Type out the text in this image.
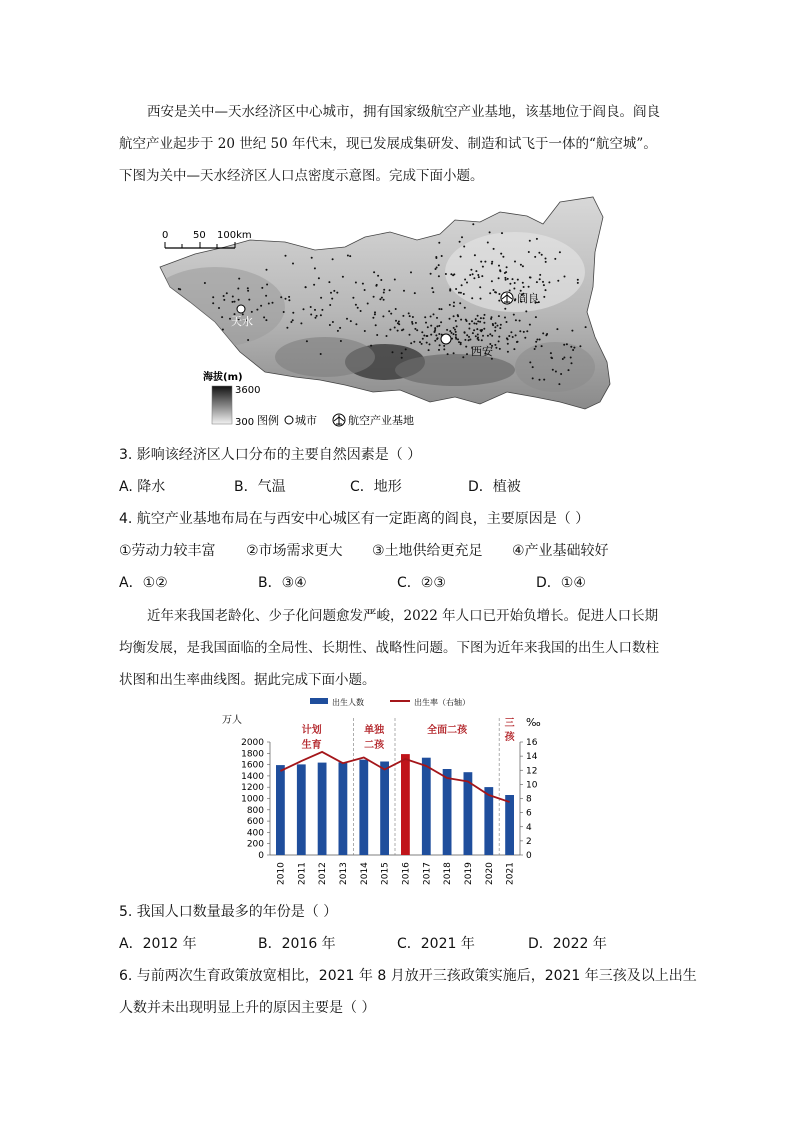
西安是关中—天水经济区中心城市，拥有国家级航空产业基地，该基地位于阎良。阎良
航空产业起步于 20 世纪 50 年代末，现已发展成集研发、制造和试飞于一体的“航空城”。
下图为关中—天水经济区人口点密度示意图。完成下面小题。
0 50 100km
天水
西安
阎良
海拔(m)
3600
300 图例 城市	航空产业基地
3. 影响该经济区人口分布的主要自然因素是（ ）
A. 降水	B．气温	C．地形	D．植被
4. 航空产业基地布局在与西安中心城区有一定距离的阎良，主要原因是（ ）
①劳动力较丰富 ②市场需求更大 ③土地供给更充足 ④产业基础较好
A．①②	B．③④	C．②③	D．①④
近年来我国老龄化、少子化问题愈发严峻，2022 年人口已开始负增长。促进人口长期
均衡发展，是我国面临的全局性、长期性、战略性问题。下图为近年来我国的出生人口数柱
状图和出生率曲线图。据此完成下面小题。
出生人数	出生率（右轴）
万人	‰
0
200
400
600
800
1000
1200
1400
1600
1800
2000
0
2
4
6
8
10
12
14
16
计划
生育
单独
二孩
全面二孩
三
孩
2010 2011 2012 2013 2014 2015 2016 2017 2018 2019 2020 2021
5. 我国人口数量最多的年份是（ ）
A．2012 年	B．2016 年	C．2021 年	D．2022 年
6. 与前两次生育政策放宽相比，2021 年 8 月放开三孩政策实施后，2021 年三孩及以上出生
人数并未出现明显上升的原因主要是（ ）
